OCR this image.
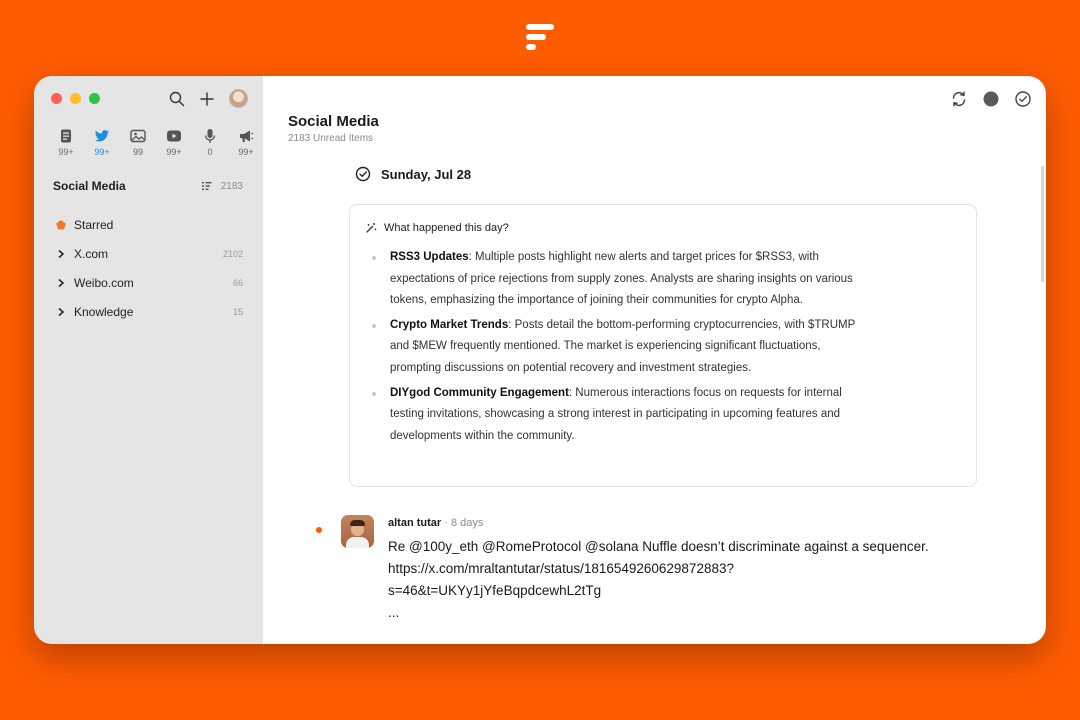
99+	99+	99	99+	0	99+
Social Media	2183
Starred
X.com	2102
Weibo.com	66
Knowledge	15
Social Media
2183 Unread Items
Sunday, Jul 28
What happened this day?
RSS3 Updates: Multiple posts highlight new alerts and target prices for $RSS3, with expectations of price rejections from supply zones. Analysts are sharing insights on various tokens, emphasizing the importance of joining their communities for crypto Alpha.
Crypto Market Trends: Posts detail the bottom-performing cryptocurrencies, with $TRUMP and $MEW frequently mentioned. The market is experiencing significant fluctuations, prompting discussions on potential recovery and investment strategies.
DIYgod Community Engagement: Numerous interactions focus on requests for internal testing invitations, showcasing a strong interest in participating in upcoming features and developments within the community.
altan tutar · 8 days
Re @100y_eth @RomeProtocol @solana Nuffle doesn’t discriminate against a sequencer.
https://x.com/mraltantutar/status/1816549260629872883?
s=46&t=UKYy1jYfeBqpdcewhL2tTg
...
